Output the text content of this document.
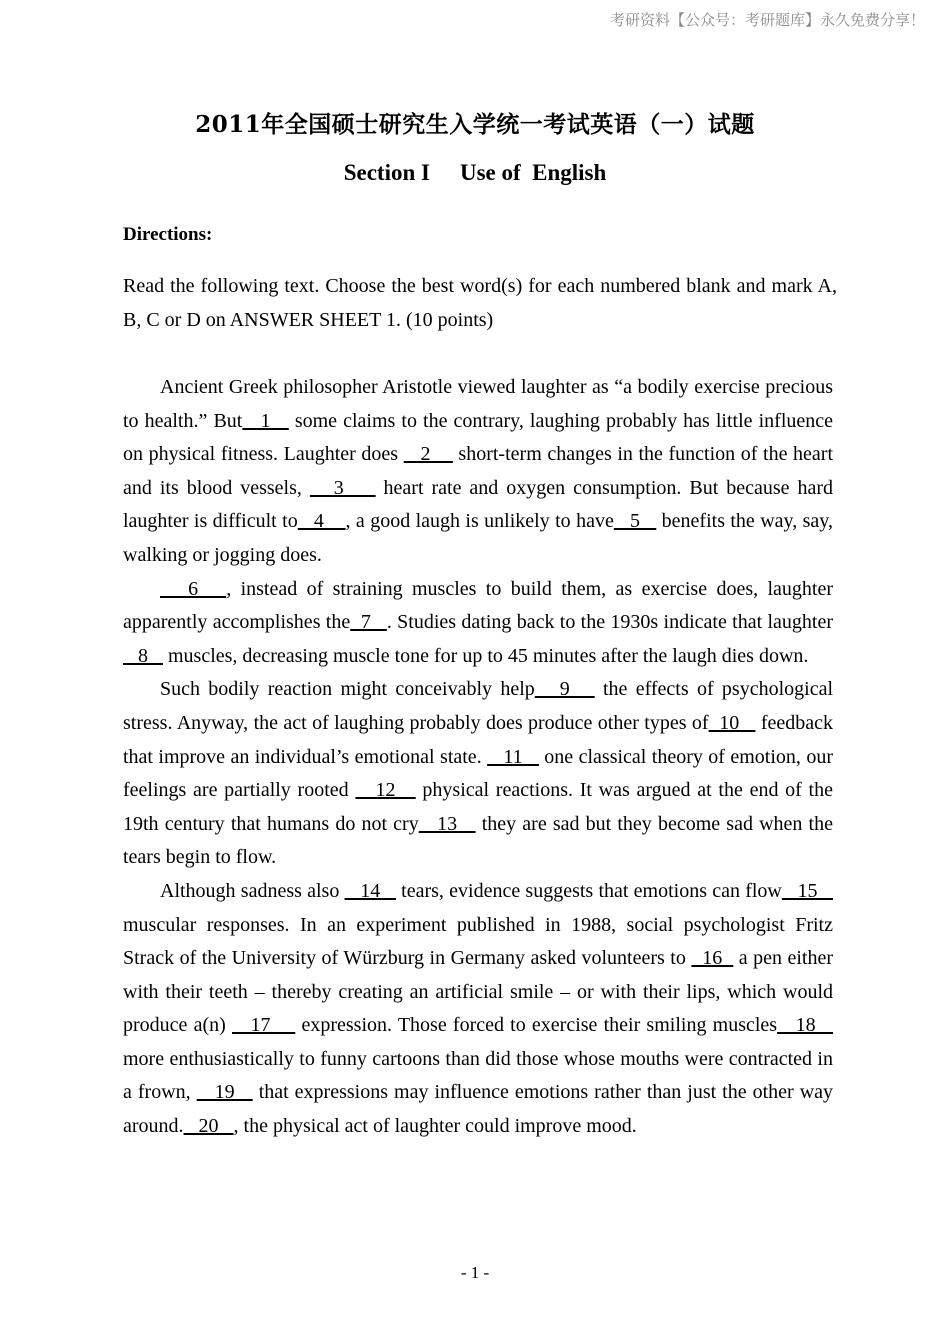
考研资料【公众号：考研题库】永久免费分享！
2011年全国硕士研究生入学统一考试英语（一）试题
Section I Use of  English
Directions:
Read the following text. Choose the best word(s) for each numbered blank and mark A, B, C or D on ANSWER SHEET 1. (10 points)

Ancient Greek philosopher Aristotle viewed laughter as “a bodily exercise precious to health.” But   1    some claims to the contrary, laughing probably has little influence on physical fitness. Laughter does    2     short-term changes in the function of the heart and its blood vessels,    3     heart rate and oxygen consumption. But because hard laughter is difficult to   4    , a good laugh is unlikely to have   5    benefits the way, say, walking or jogging does.

6   , instead of straining muscles to build them, as exercise does, laughter apparently accomplishes the  7   . Studies dating back to the 1930s indicate that laughter    8    muscles, decreasing muscle tone for up to 45 minutes after the laugh dies down.

Such bodily reaction might conceivably help   9    the effects of psychological stress. Anyway, the act of laughing probably does produce other types of  10    feedback that improve an individual’s emotional state.    11    one classical theory of emotion, our feelings are partially rooted    12    physical reactions. It was argued at the end of the 19th century that humans do not cry   13    they are sad but they become sad when the tears begin to flow.

Although sadness also    14    tears, evidence suggests that emotions can flow   15    muscular responses. In an experiment published in 1988, social psychologist Fritz Strack of the University of Würzburg in Germany asked volunteers to   16   a pen either with their teeth – thereby creating an artificial smile – or with their lips, which would produce a(n)    17     expression. Those forced to exercise their smiling muscles   18    more enthusiastically to funny cartoons than did those whose mouths were contracted in a frown,    19    that expressions may influence emotions rather than just the other way around.   20   , the physical act of laughter could improve mood.

- 1 -
